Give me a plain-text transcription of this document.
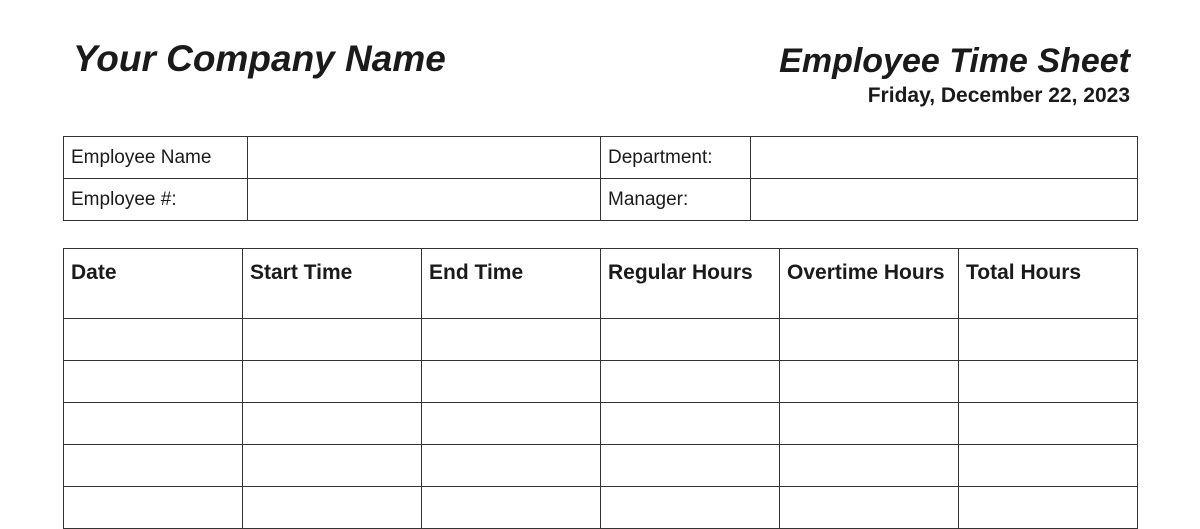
Your Company Name	Employee Time Sheet
Friday, December 22, 2023
Employee Name		Department:	
Employee #:		Manager:	
Date	Start Time	End Time	Regular Hours	Overtime Hours	Total Hours
